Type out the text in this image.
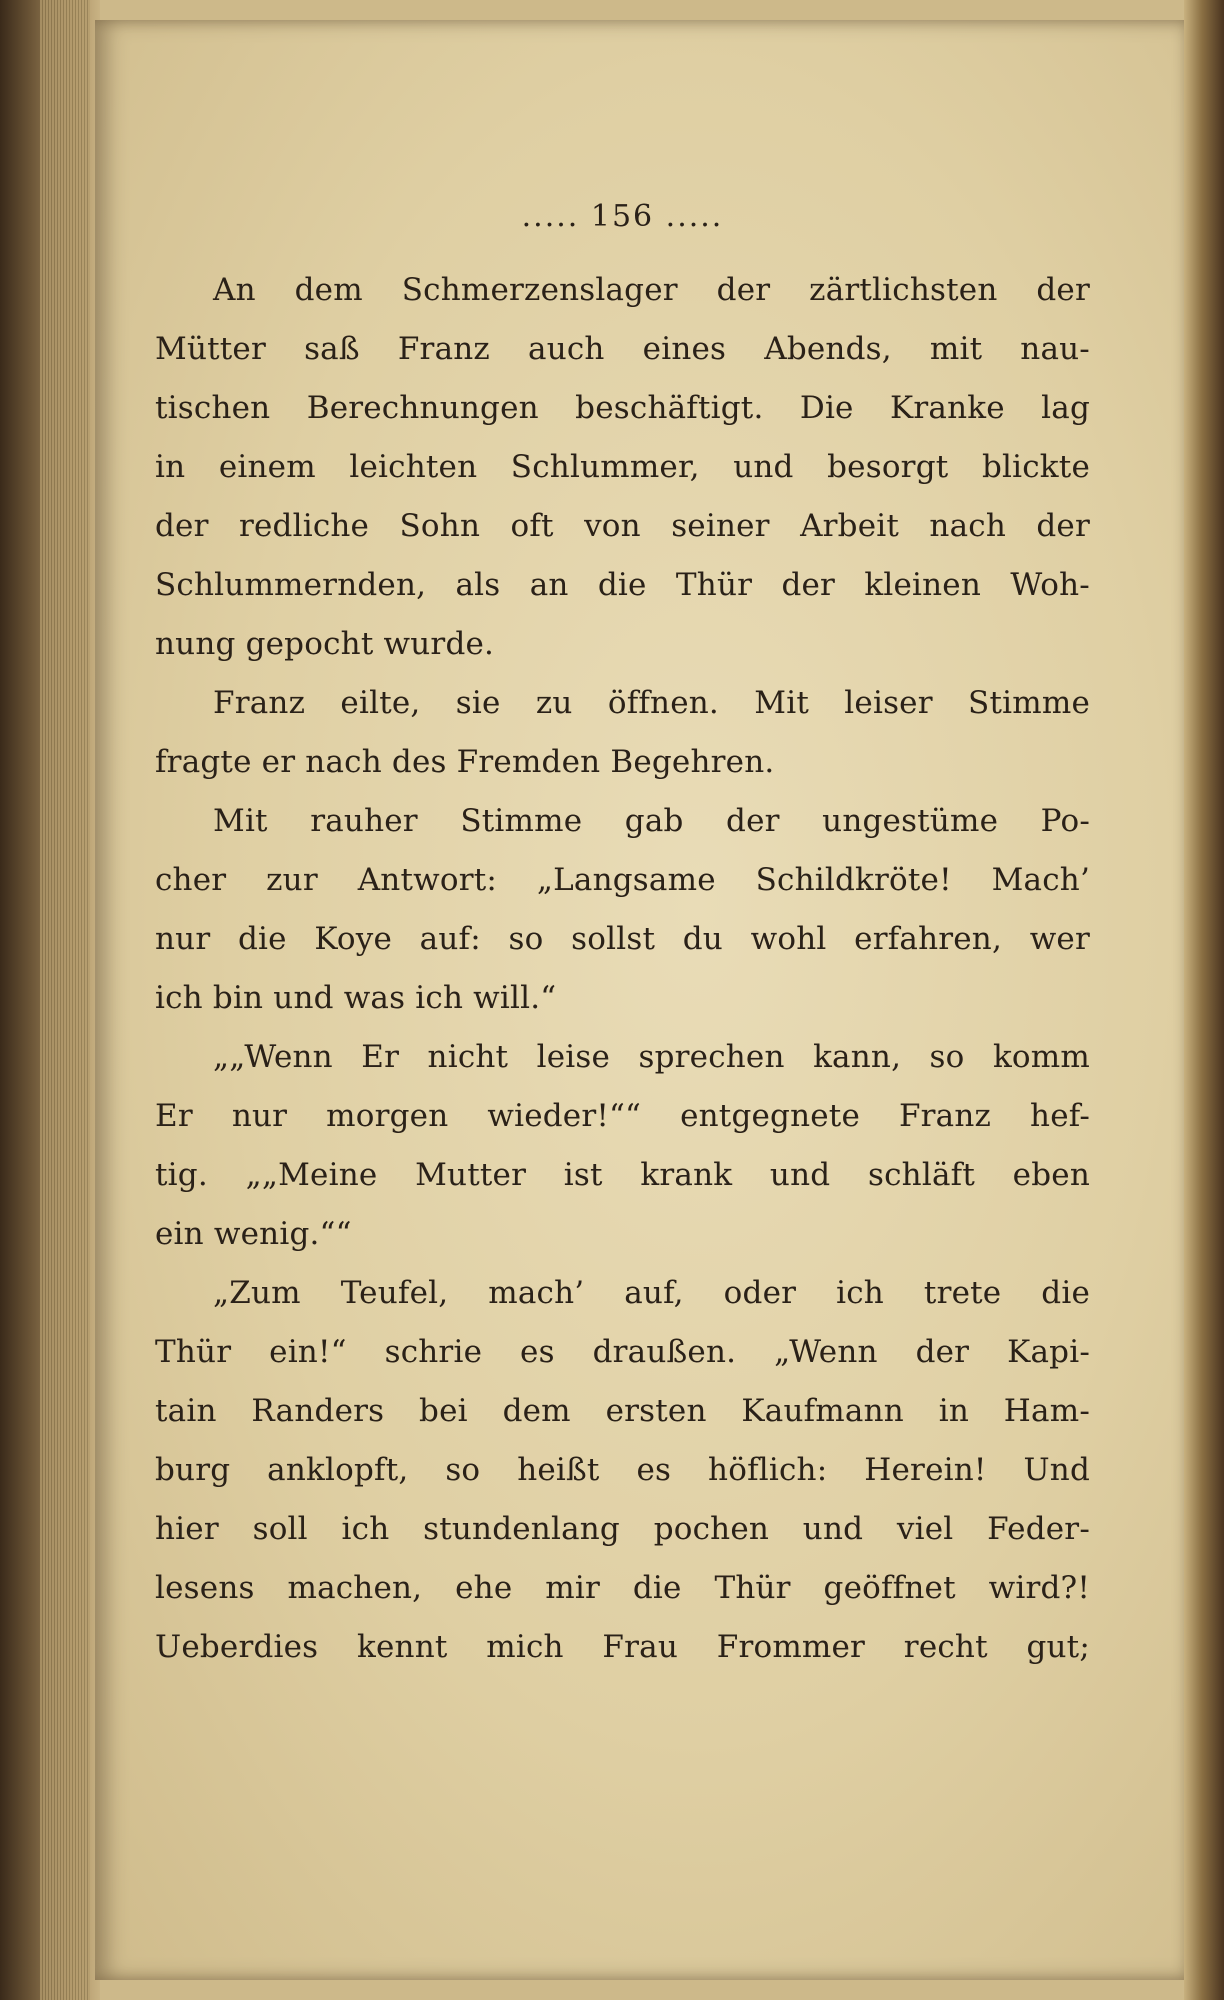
..... 156 .....
An dem Schmerzenslager der zärtlichsten der
Mütter saß Franz auch eines Abends, mit nau-
tischen Berechnungen beschäftigt. Die Kranke lag
in einem leichten Schlummer, und besorgt blickte
der redliche Sohn oft von seiner Arbeit nach der
Schlummernden, als an die Thür der kleinen Woh-
nung gepocht wurde.
Franz eilte, sie zu öffnen. Mit leiser Stimme
fragte er nach des Fremden Begehren.
Mit rauher Stimme gab der ungestüme Po-
cher zur Antwort: „Langsame Schildkröte! Mach’
nur die Koye auf: so sollst du wohl erfahren, wer
ich bin und was ich will.“
„„Wenn Er nicht leise sprechen kann, so komm
Er nur morgen wieder!““ entgegnete Franz hef-
tig. „„Meine Mutter ist krank und schläft eben
ein wenig.““
„Zum Teufel, mach’ auf, oder ich trete die
Thür ein!“ schrie es draußen. „Wenn der Kapi-
tain Randers bei dem ersten Kaufmann in Ham-
burg anklopft, so heißt es höflich: Herein! Und
hier soll ich stundenlang pochen und viel Feder-
lesens machen, ehe mir die Thür geöffnet wird?!
Ueberdies kennt mich Frau Frommer recht gut;
